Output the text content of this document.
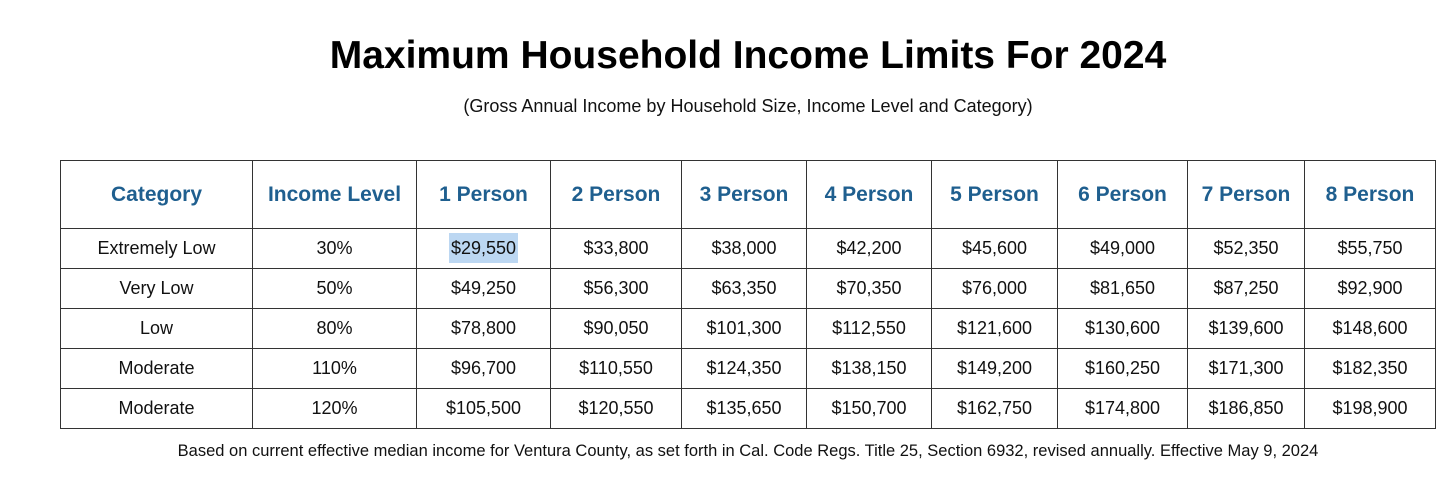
Maximum Household Income Limits For 2024
(Gross Annual Income by Household Size, Income Level and Category)
Category	Income Level	1 Person	2 Person	3 Person	4 Person	5 Person	6 Person	7 Person	8 Person
Extremely Low	30%	$29,550	$33,800	$38,000	$42,200	$45,600	$49,000	$52,350	$55,750
Very Low	50%	$49,250	$56,300	$63,350	$70,350	$76,000	$81,650	$87,250	$92,900
Low	80%	$78,800	$90,050	$101,300	$112,550	$121,600	$130,600	$139,600	$148,600
Moderate	110%	$96,700	$110,550	$124,350	$138,150	$149,200	$160,250	$171,300	$182,350
Moderate	120%	$105,500	$120,550	$135,650	$150,700	$162,750	$174,800	$186,850	$198,900
Based on current effective median income for Ventura County, as set forth in Cal. Code Regs. Title 25, Section 6932, revised annually. Effective May 9, 2024
